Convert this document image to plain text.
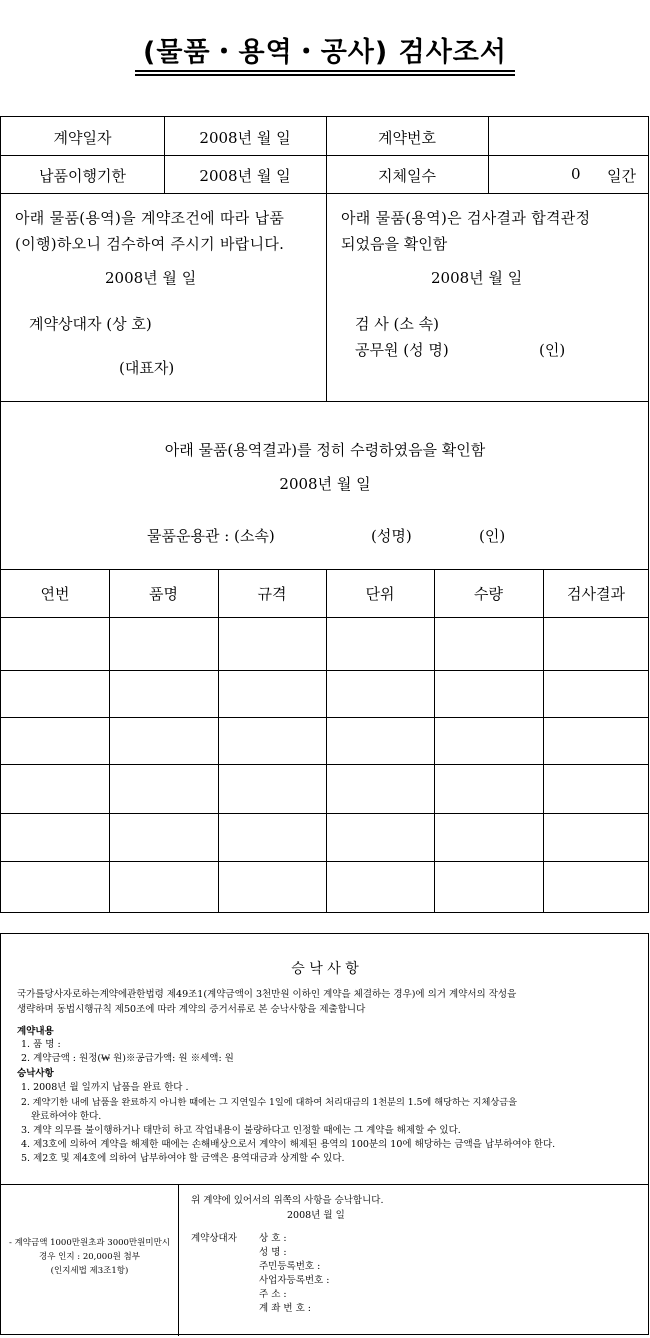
(물품・용역・공사) 검사조서
계약일자	2008년 월 일	계약번호
납품이행기한	2008년 월 일	지체일수	0 일간
아래 물품(용역)을 계약조건에 따라 납품
(이행)하오니 검수하여 주시기 바랍니다.
2008년 월 일
계약상대자 (상 호)
(대표자)
아래 물품(용역)은 검사결과 합격관정
되었음을 확인함
2008년 월 일
검 사 (소 속)
공무원 (성 명)	(인)
아래 물품(용역결과)를 정히 수령하였음을 확인함
2008년 월 일
물품운용관 : (소속)	(성명)	(인)
연번	품명	규격	단위	수량	검사결과
승 낙 사 항
국가를당사자로하는계약에관한법령 제49조1(계약금액이 3천만원 이하인 계약을 체결하는 경우)에 의거 계약서의 작성을
생략하며 동법시행규칙 제50조에 따라 계약의 증거서류로 본 승낙사항을 제출합니다
계약내용
1. 품 명 :
2. 계약금액 : 원정(₩ 원)※공급가액: 원 ※세액: 원
승낙사항
1. 2008년 월 일까지 납품을 완료 한다 .
2. 계약기한 내에 납품을 완료하지 아니한 때에는 그 지연일수 1일에 대하여 처리대금의 1천분의 1.5에 해당하는 지체상금을
완료하여야 한다.
3. 계약 의무를 불이행하거나 태만히 하고 작업내용이 불량하다고 인정할 때에는 그 계약을 해제할 수 있다.
4. 제3호에 의하여 계약을 해제한 때에는 손해배상으로서 계약이 해제된 용역의 100분의 10에 해당하는 금액을 납부하여야 한다.
5. 제2호 및 제4호에 의하여 납부하여야 할 금액은 용역대금과 상계할 수 있다.
- 계약금액 1000만원초과 3000만원미만시
경우 인지 : 20,000원 첨부
(인지세법 제3조1항)
위 계약에 있어서의 위쪽의 사항을 승낙합니다.
2008년 월 일
계약상대자 상 호 :
성 명 :
주민등록번호 :
사업자등록번호 :
주 소 :
계 좌 번 호 :
